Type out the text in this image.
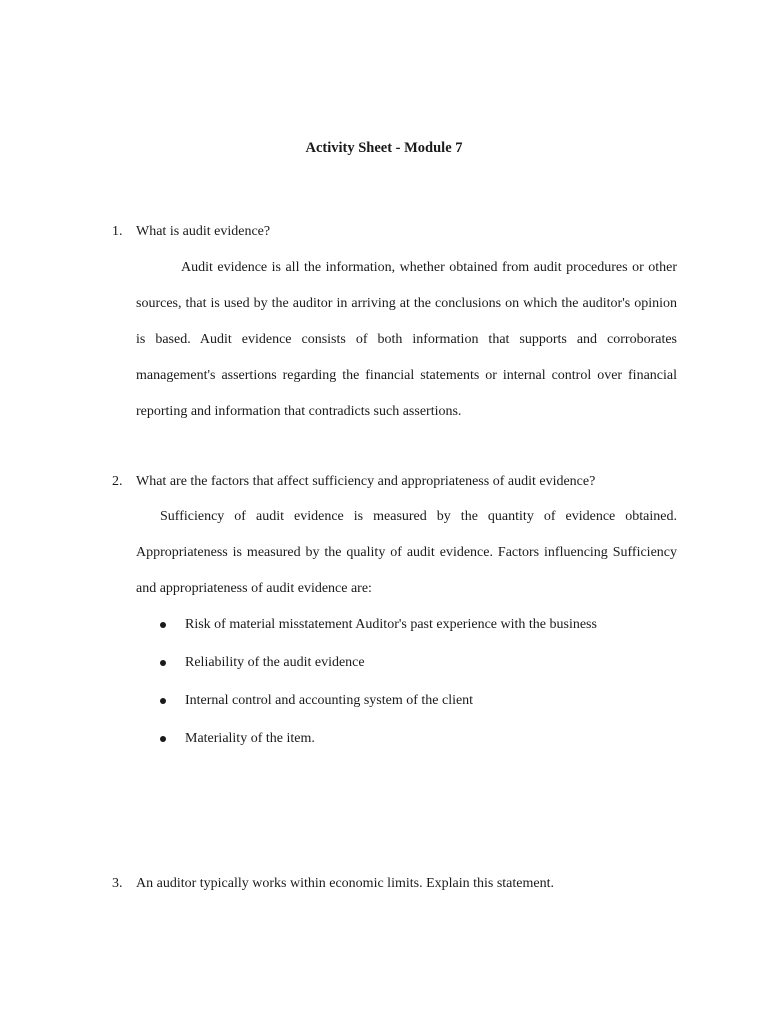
Activity Sheet - Module 7
1. What is audit evidence?

Audit evidence is all the information, whether obtained from audit procedures or other sources, that is used by the auditor in arriving at the conclusions on which the auditor's opinion is based. Audit evidence consists of both information that supports and corroborates management's assertions regarding the financial statements or internal control over financial reporting and information that contradicts such assertions.

2. What are the factors that affect sufficiency and appropriateness of audit evidence?

Sufficiency of audit evidence is measured by the quantity of evidence obtained. Appropriateness is measured by the quality of audit evidence. Factors influencing Sufficiency and appropriateness of audit evidence are:

Risk of material misstatement Auditor's past experience with the business
Reliability of the audit evidence
Internal control and accounting system of the client
Materiality of the item.
3. An auditor typically works within economic limits. Explain this statement.
